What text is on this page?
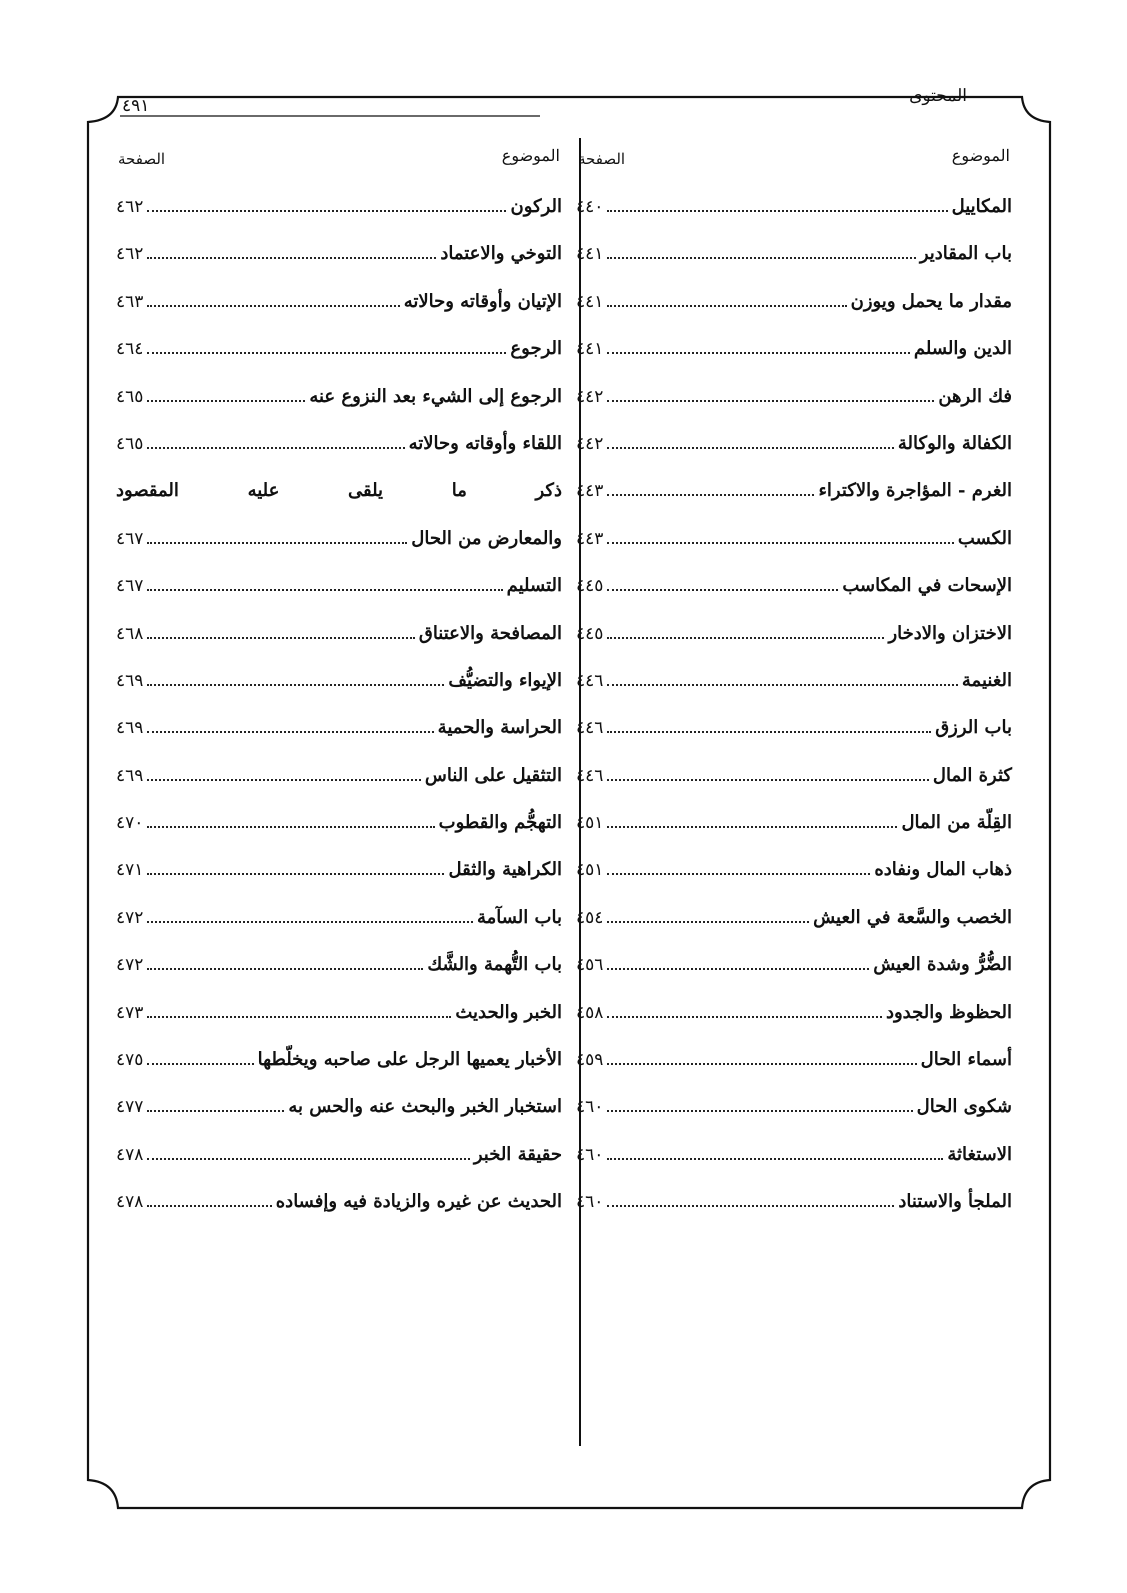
المحتوى
٤٩١
الموضوع
الصفحة
المكاييل
٤٤٠
باب المقادير
٤٤١
مقدار ما يحمل ويوزن
٤٤١
الدين والسلم
٤٤١
فك الرهن
٤٤٢
الكفالة والوكالة
٤٤٢
الغرم - المؤاجرة والاكتراء
٤٤٣
الكسب
٤٤٣
الإسحات في المكاسب
٤٤٥
الاختزان والادخار
٤٤٥
الغنيمة
٤٤٦
باب الرزق
٤٤٦
كثرة المال
٤٤٦
القِلّة من المال
٤٥١
ذهاب المال ونفاده
٤٥١
الخصب والسَّعة في العيش
٤٥٤
الضُّرُّ وشدة العيش
٤٥٦
الحظوظ والجدود
٤٥٨
أسماء الحال
٤٥٩
شكوى الحال
٤٦٠
الاستغاثة
٤٦٠
الملجأ والاستناد
٤٦٠
الموضوع
الصفحة
الركون
٤٦٢
التوخي والاعتماد
٤٦٢
الإتيان وأوقاته وحالاته
٤٦٣
الرجوع
٤٦٤
الرجوع إلى الشيء بعد النزوع عنه
٤٦٥
اللقاء وأوقاته وحالاته
٤٦٥
ذكر ما يلقى عليه المقصود
والمعارض من الحال
٤٦٧
التسليم
٤٦٧
المصافحة والاعتناق
٤٦٨
الإيواء والتضيُّف
٤٦٩
الحراسة والحمية
٤٦٩
التثقيل على الناس
٤٦٩
التهجُّم والقطوب
٤٧٠
الكراهية والثقل
٤٧١
باب السآمة
٤٧٢
باب التُّهمة والشَّك
٤٧٢
الخبر والحديث
٤٧٣
الأخبار يعميها الرجل على صاحبه ويخلّطها
٤٧٥
استخبار الخبر والبحث عنه والحس به
٤٧٧
حقيقة الخبر
٤٧٨
الحديث عن غيره والزيادة فيه وإفساده
٤٧٨
